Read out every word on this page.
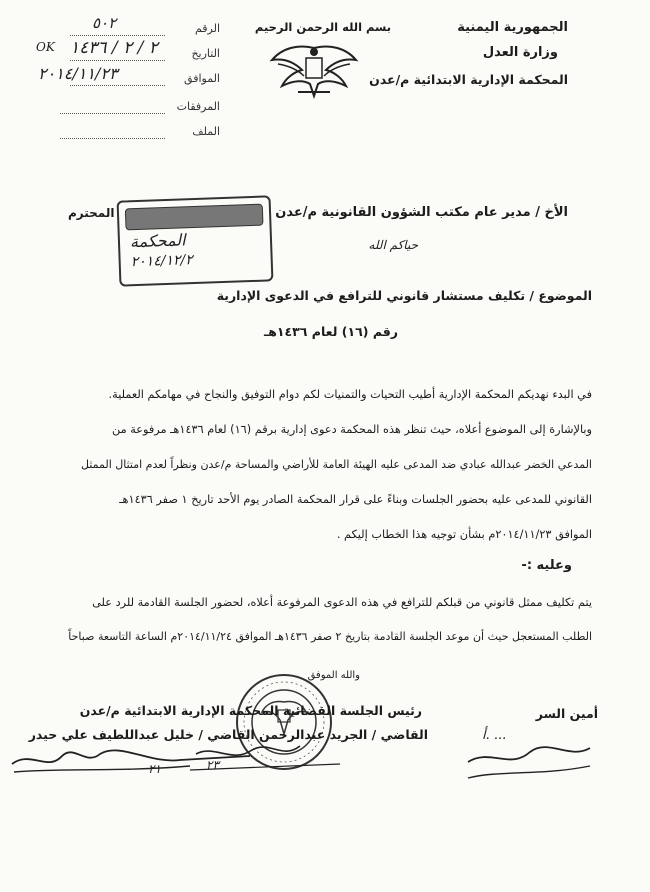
الجمهورية اليمنية
وزارة العدل
المحكمة الإدارية الابتدائية م/عدن
بسم الله الرحمن الرحيم
الرقم
٥٠٢
التاريخ
٢ / ٢ / ١٤٣٦
OK
الموافق
٢٠١٤/١١/٢٣
المرفقات
الملف
الأخ / مدير عام مكتب الشؤون القانونية م/عدن
المحترم
المحكمة
٢٠١٤/١٢/٢
حياكم الله
الموضوع / تكليف مستشار قانوني للترافع في الدعوى الإدارية
رقم (١٦) لعام ١٤٣٦هـ
في البدء نهديكم المحكمة الإدارية أطيب التحيات والتمنيات لكم دوام التوفيق والنجاح في مهامكم العملية.
وبالإشارة إلى الموضوع أعلاه، حيث تنظر هذه المحكمة دعوى إدارية برقم (١٦) لعام ١٤٣٦هـ مرفوعة من
المدعي الخضر عبدالله عبادي ضد المدعى عليه الهيئة العامة للأراضي والمساحة م/عدن ونظراً لعدم امتثال الممثل
القانوني للمدعى عليه بحضور الجلسات وبناءً على قرار المحكمة الصادر يوم الأحد تاريخ ١ صفر ١٤٣٦هـ
الموافق ٢٠١٤/١١/٢٣م بشأن توجيه هذا الخطاب إليكم .
وعليه :-
يتم تكليف ممثل قانوني من قبلكم للترافع في هذه الدعوى المرفوعة أعلاه، لحضور الجلسة القادمة للرد على
الطلب المستعجل حيث أن موعد الجلسة القادمة بتاريخ ٢ صفر ١٤٣٦هـ الموافق ٢٠١٤/١١/٢٤م الساعة التاسعة صباحاً
والله الموفق
رئيس الجلسة القضائية المحكمة الإدارية الابتدائية م/عدن
القاضي / الجريد عبدالرحمن القاضي / خليل عبداللطيف علي حيدر
أمين السر
أ. ...
٢٣
٢١
